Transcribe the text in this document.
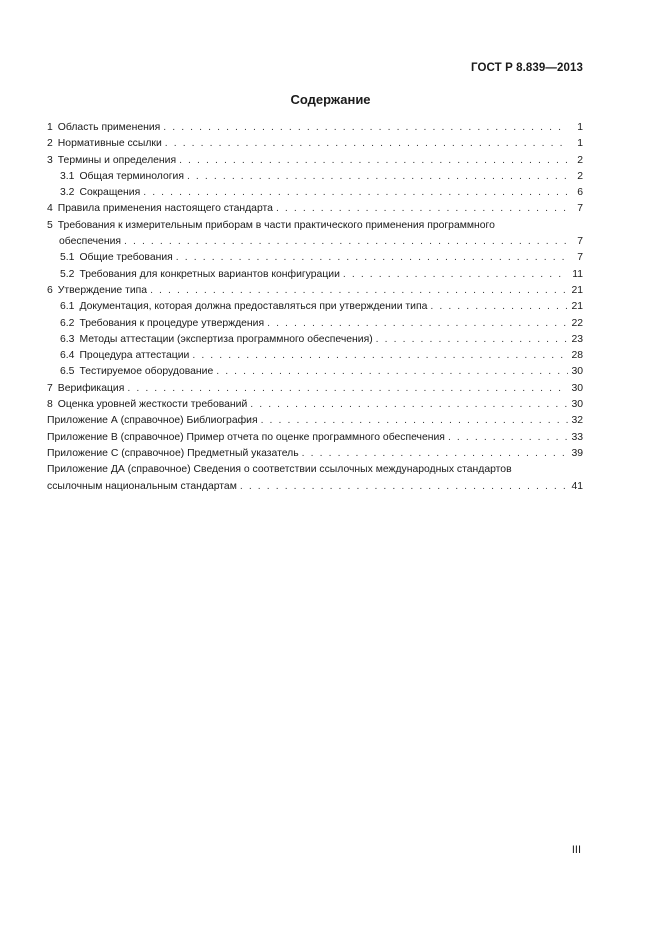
ГОСТ Р 8.839—2013
Содержание
1 Область применения . . .	1
2 Нормативные ссылки . . .	1
3 Термины и определения . . .	2
3.1 Общая терминология . . .	2
3.2 Сокращения . . .	6
4 Правила применения настоящего стандарта . . .	7
5 Требования к измерительным приборам в части практического применения программного
обеспечения . . .	7
5.1 Общие требования . . .	7
5.2 Требования для конкретных вариантов конфигурации . . .	11
6 Утверждение типа . . .	21
6.1 Документация, которая должна предоставляться при утверждении типа . . .	21
6.2 Требования к процедуре утверждения . . .	22
6.3 Методы аттестации (экспертиза программного обеспечения) . . .	23
6.4 Процедура аттестации . . .	28
6.5 Тестируемое оборудование . . .	30
7 Верификация . . .	30
8 Оценка уровней жесткости требований . . .	30
Приложение А (справочное) Библиография . . .	32
Приложение В (справочное) Пример отчета по оценке программного обеспечения . . .	33
Приложение С (справочное) Предметный указатель . . .	39
Приложение ДА (справочное) Сведения о соответствии ссылочных международных стандартов
ссылочным национальным стандартам . . .	41
III
